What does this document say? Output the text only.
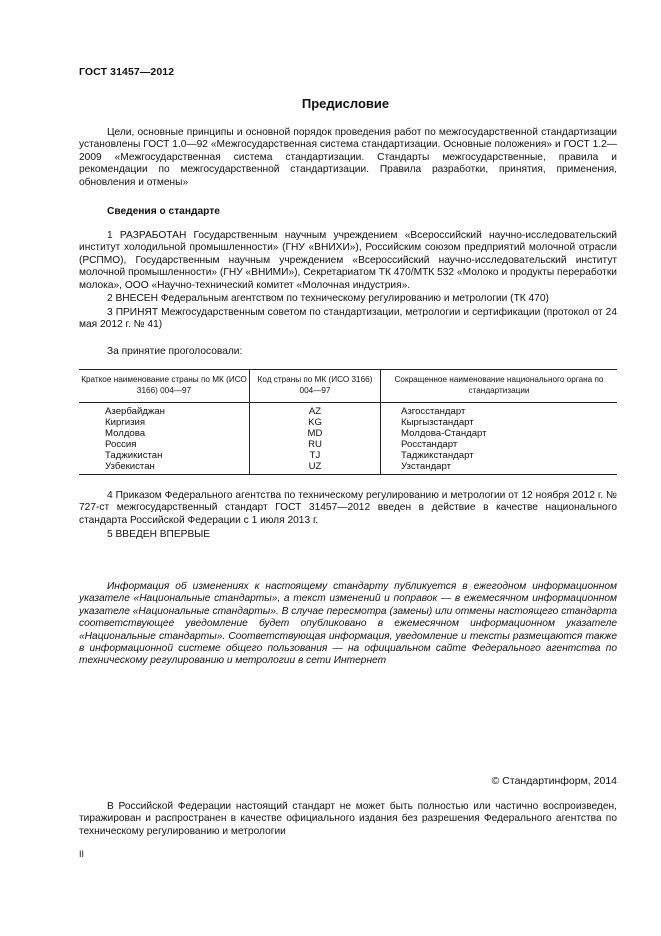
ГОСТ 31457—2012
Предисловие
Цели, основные принципы и основной порядок проведения работ по межгосударственной стандартизации установлены ГОСТ 1.0—92 «Межгосударственная система стандартизации. Основные положения» и ГОСТ 1.2—2009 «Межгосударственная система стандартизации. Стандарты межгосударственные, правила и рекомендации по межгосударственной стандартизации. Правила разработки, принятия, применения, обновления и отмены»
Сведения о стандарте
1 РАЗРАБОТАН Государственным научным учреждением «Всероссийский научно-исследовательский институт холодильной промышленности» (ГНУ «ВНИХИ»), Российским союзом предприятий молочной отрасли (РСПМО), Государственным научным учреждением «Всероссийский научно-исследовательский институт молочной промышленности» (ГНУ «ВНИМИ»), Секретариатом ТК 470/МТК 532 «Молоко и продукты переработки молока», ООО «Научно-технический комитет «Молочная индустрия».
2 ВНЕСЕН Федеральным агентством по техническому регулированию и метрологии (ТК 470)
3 ПРИНЯТ Межгосударственным советом по стандартизации, метрологии и сертификации (протокол от 24 мая 2012 г. № 41)
За принятие проголосовали:
Краткое наименование страны по МК (ИСО 3166) 004—97	Код страны по МК (ИСО 3166) 004—97	Сокращенное наименование национального органа по стандартизации
Азербайджан	AZ	Азгосстандарт
Киргизия	KG	Кыргызстандарт
Молдова	MD	Молдова-Стандарт
Россия	RU	Росстандарт
Таджикистан	TJ	Таджикстандарт
Узбекистан	UZ	Узстандарт
4 Приказом Федерального агентства по техническому регулированию и метрологии от 12 ноября 2012 г. № 727-ст межгосударственный стандарт ГОСТ 31457—2012 введен в действие в качестве национального стандарта Российской Федерации с 1 июля 2013 г.
5 ВВЕДЕН ВПЕРВЫЕ
Информация об изменениях к настоящему стандарту публикуется в ежегодном информационном указателе «Национальные стандарты», а текст изменений и поправок — в ежемесячном информационном указателе «Национальные стандарты». В случае пересмотра (замены) или отмены настоящего стандарта соответствующее уведомление будет опубликовано в ежемесячном информационном указателе «Национальные стандарты». Соответствующая информация, уведомление и тексты размещаются также в информационной системе общего пользования — на официальном сайте Федерального агентства по техническому регулированию и метрологии в сети Интернет
© Стандартинформ, 2014
В Российской Федерации настоящий стандарт не может быть полностью или частично воспроизведен, тиражирован и распространен в качестве официального издания без разрешения Федерального агентства по техническому регулированию и метрологии
II
